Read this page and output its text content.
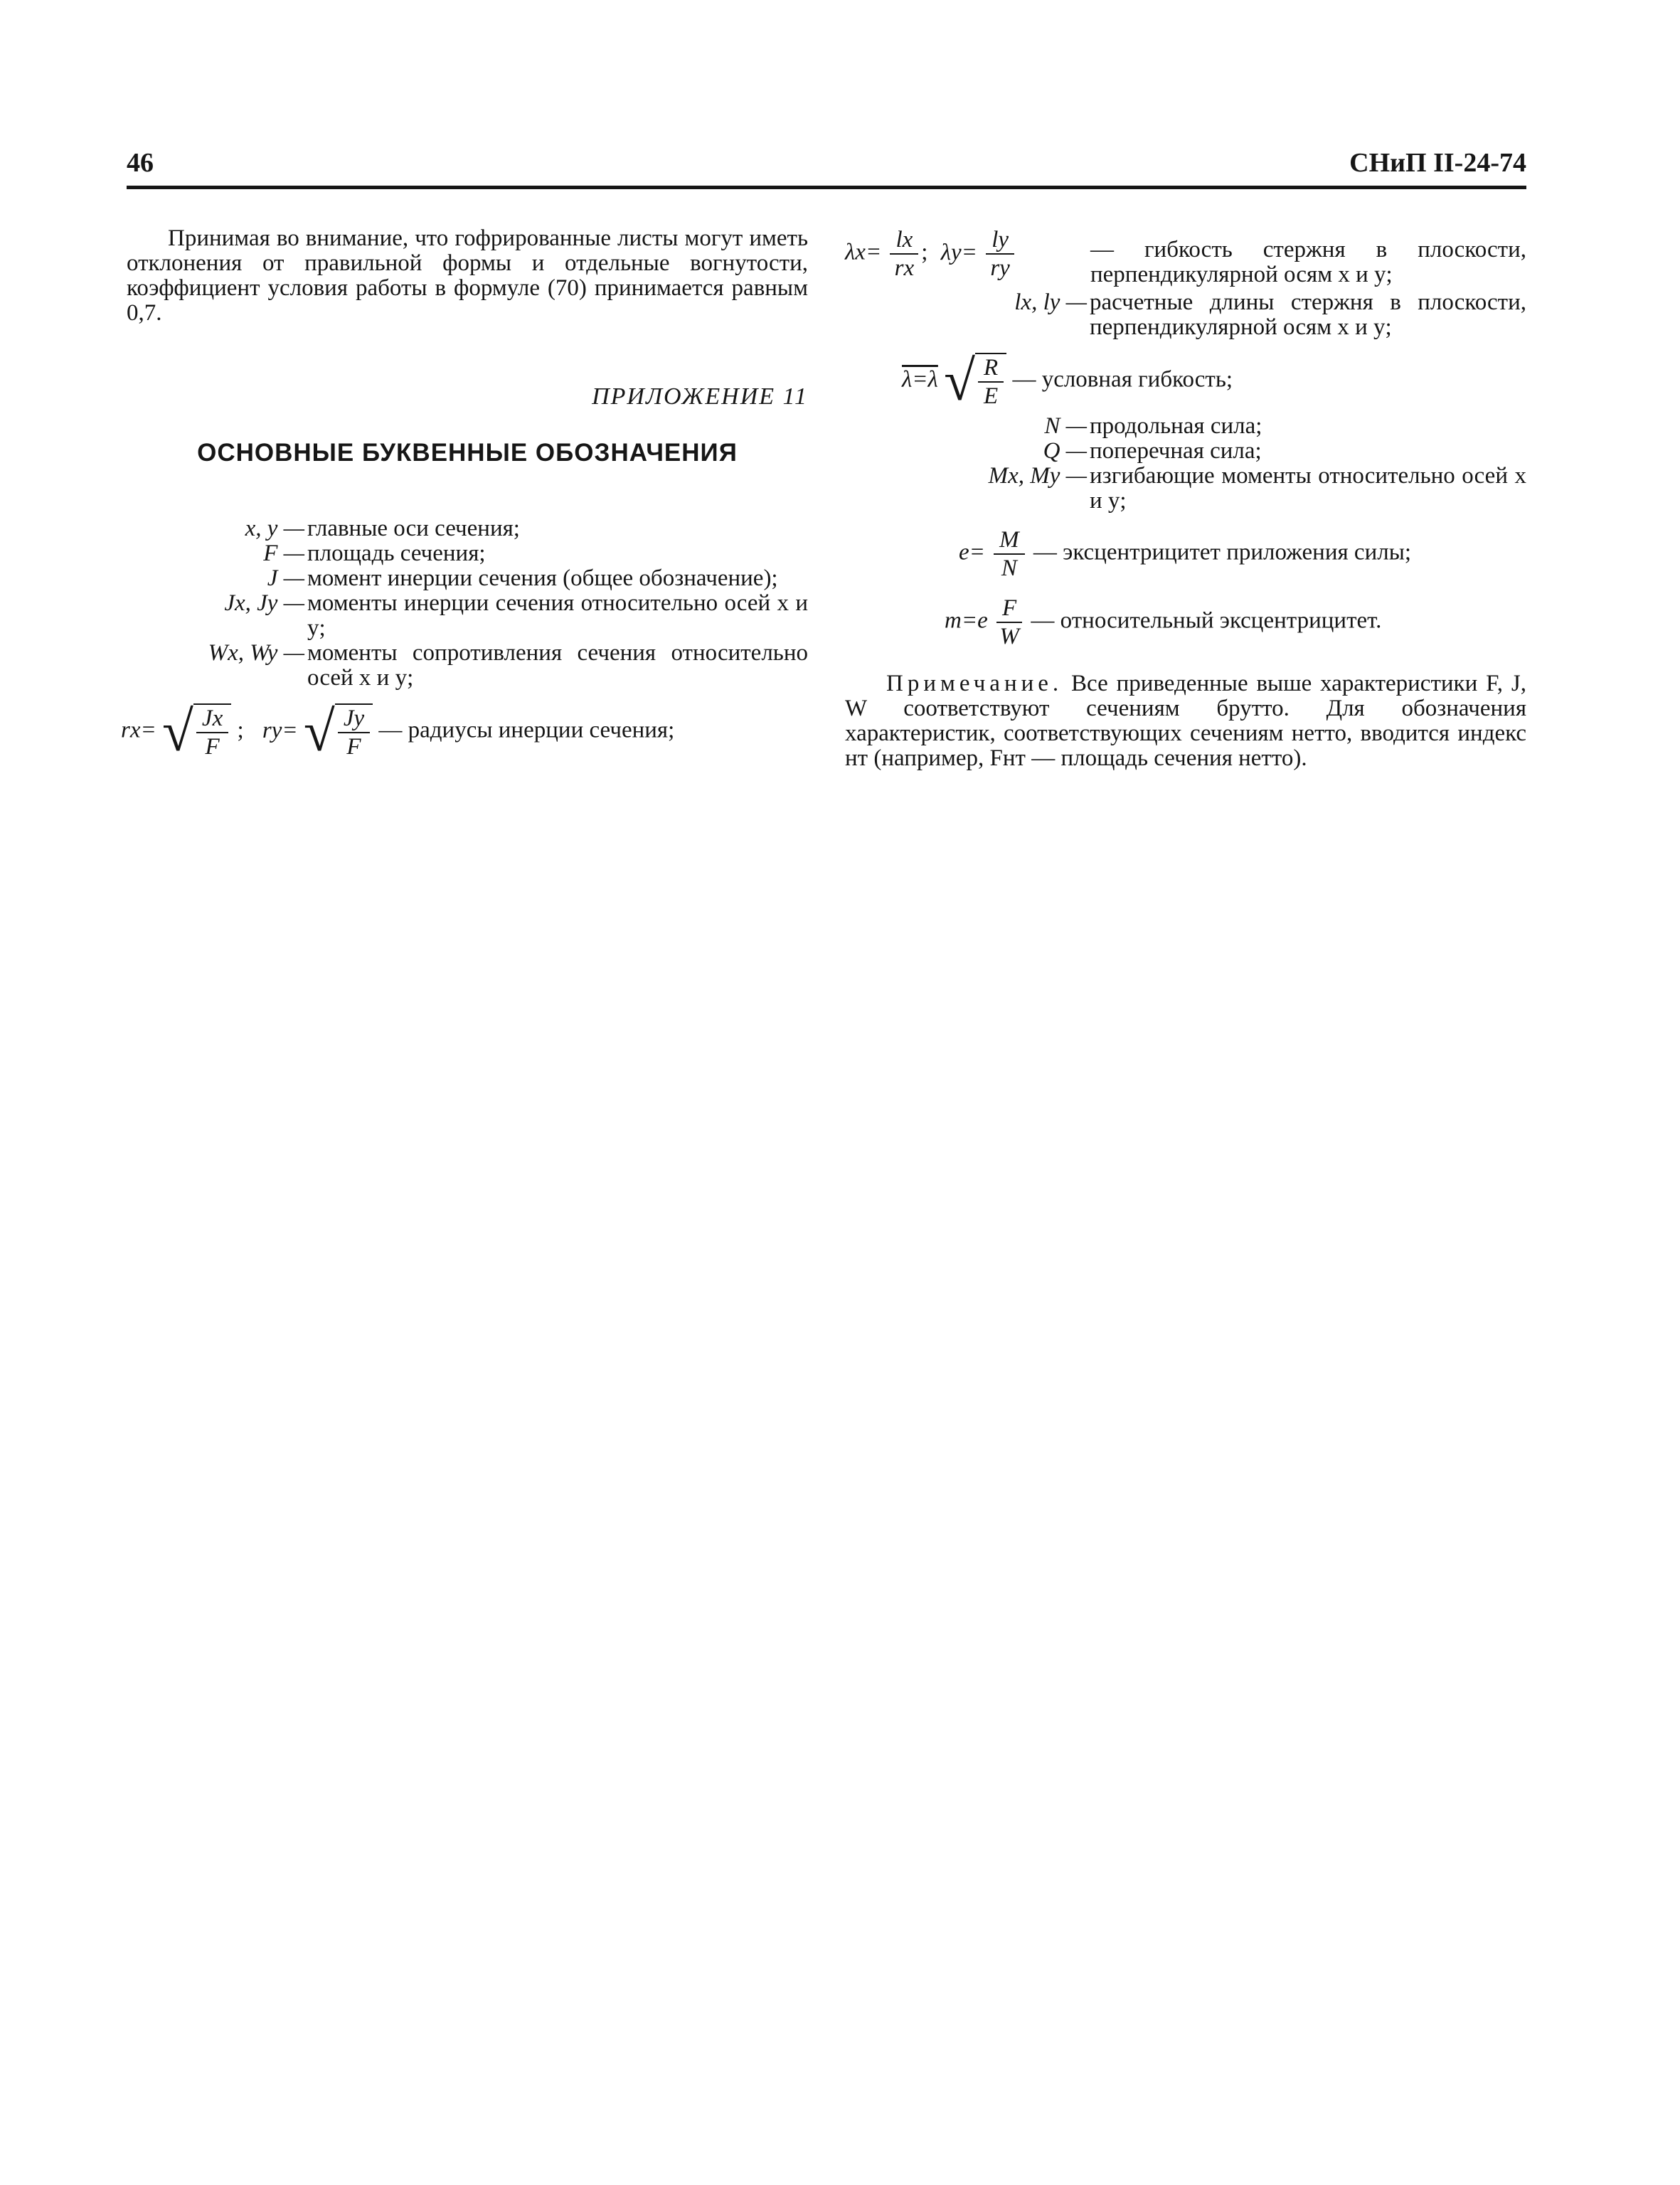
46	СНиП II-24-74

Принимая во внимание, что гофрированные листы могут иметь отклонения от правильной формы и отдельные вогнутости, коэффициент условия работы в формуле (70) принимается равным 0,7.

ПРИЛОЖЕНИЕ 11
ОСНОВНЫЕ БУКВЕННЫЕ ОБОЗНАЧЕНИЯ
x, y —	главные оси сечения;
F —	площадь сечения;
J —	момент инерции сечения (общее обозначение);
Jx, Jy —	моменты инерции сечения относительно осей x и y;
Wx, Wy —	моменты сопротивления сечения относительно осей x и y;
rx= √ $\frac{Jx}{F}$ ; ry= √ $\frac{Jy}{F}$ — радиусы инерции сечения;
$\lambda x= \frac{lx}{rx}$ ; $\lambda y= \frac{ly}{ry}$	— гибкость стержня в плоскости, перпендикулярной осям x и y;
lx, ly —	расчетные длины стержня в плоскости, перпендикулярной осям x и y;
λ=λ √ $\frac{R}{E}$ — условная гибкость;
N —	продольная сила;
Q —	поперечная сила;
Mx, My —	изгибающие моменты относительно осей x и y;
$e= \frac{M}{N}$ — эксцентрицитет приложения силы;
$m=e \frac{F}{W}$ — относительный эксцентрицитет.

Примечание. Все приведенные выше характеристики F, J, W соответствуют сечениям брутто. Для обозначения характеристик, соответствующих сечениям нетто, вводится индекс нт (например, Fнт — площадь сечения нетто).
